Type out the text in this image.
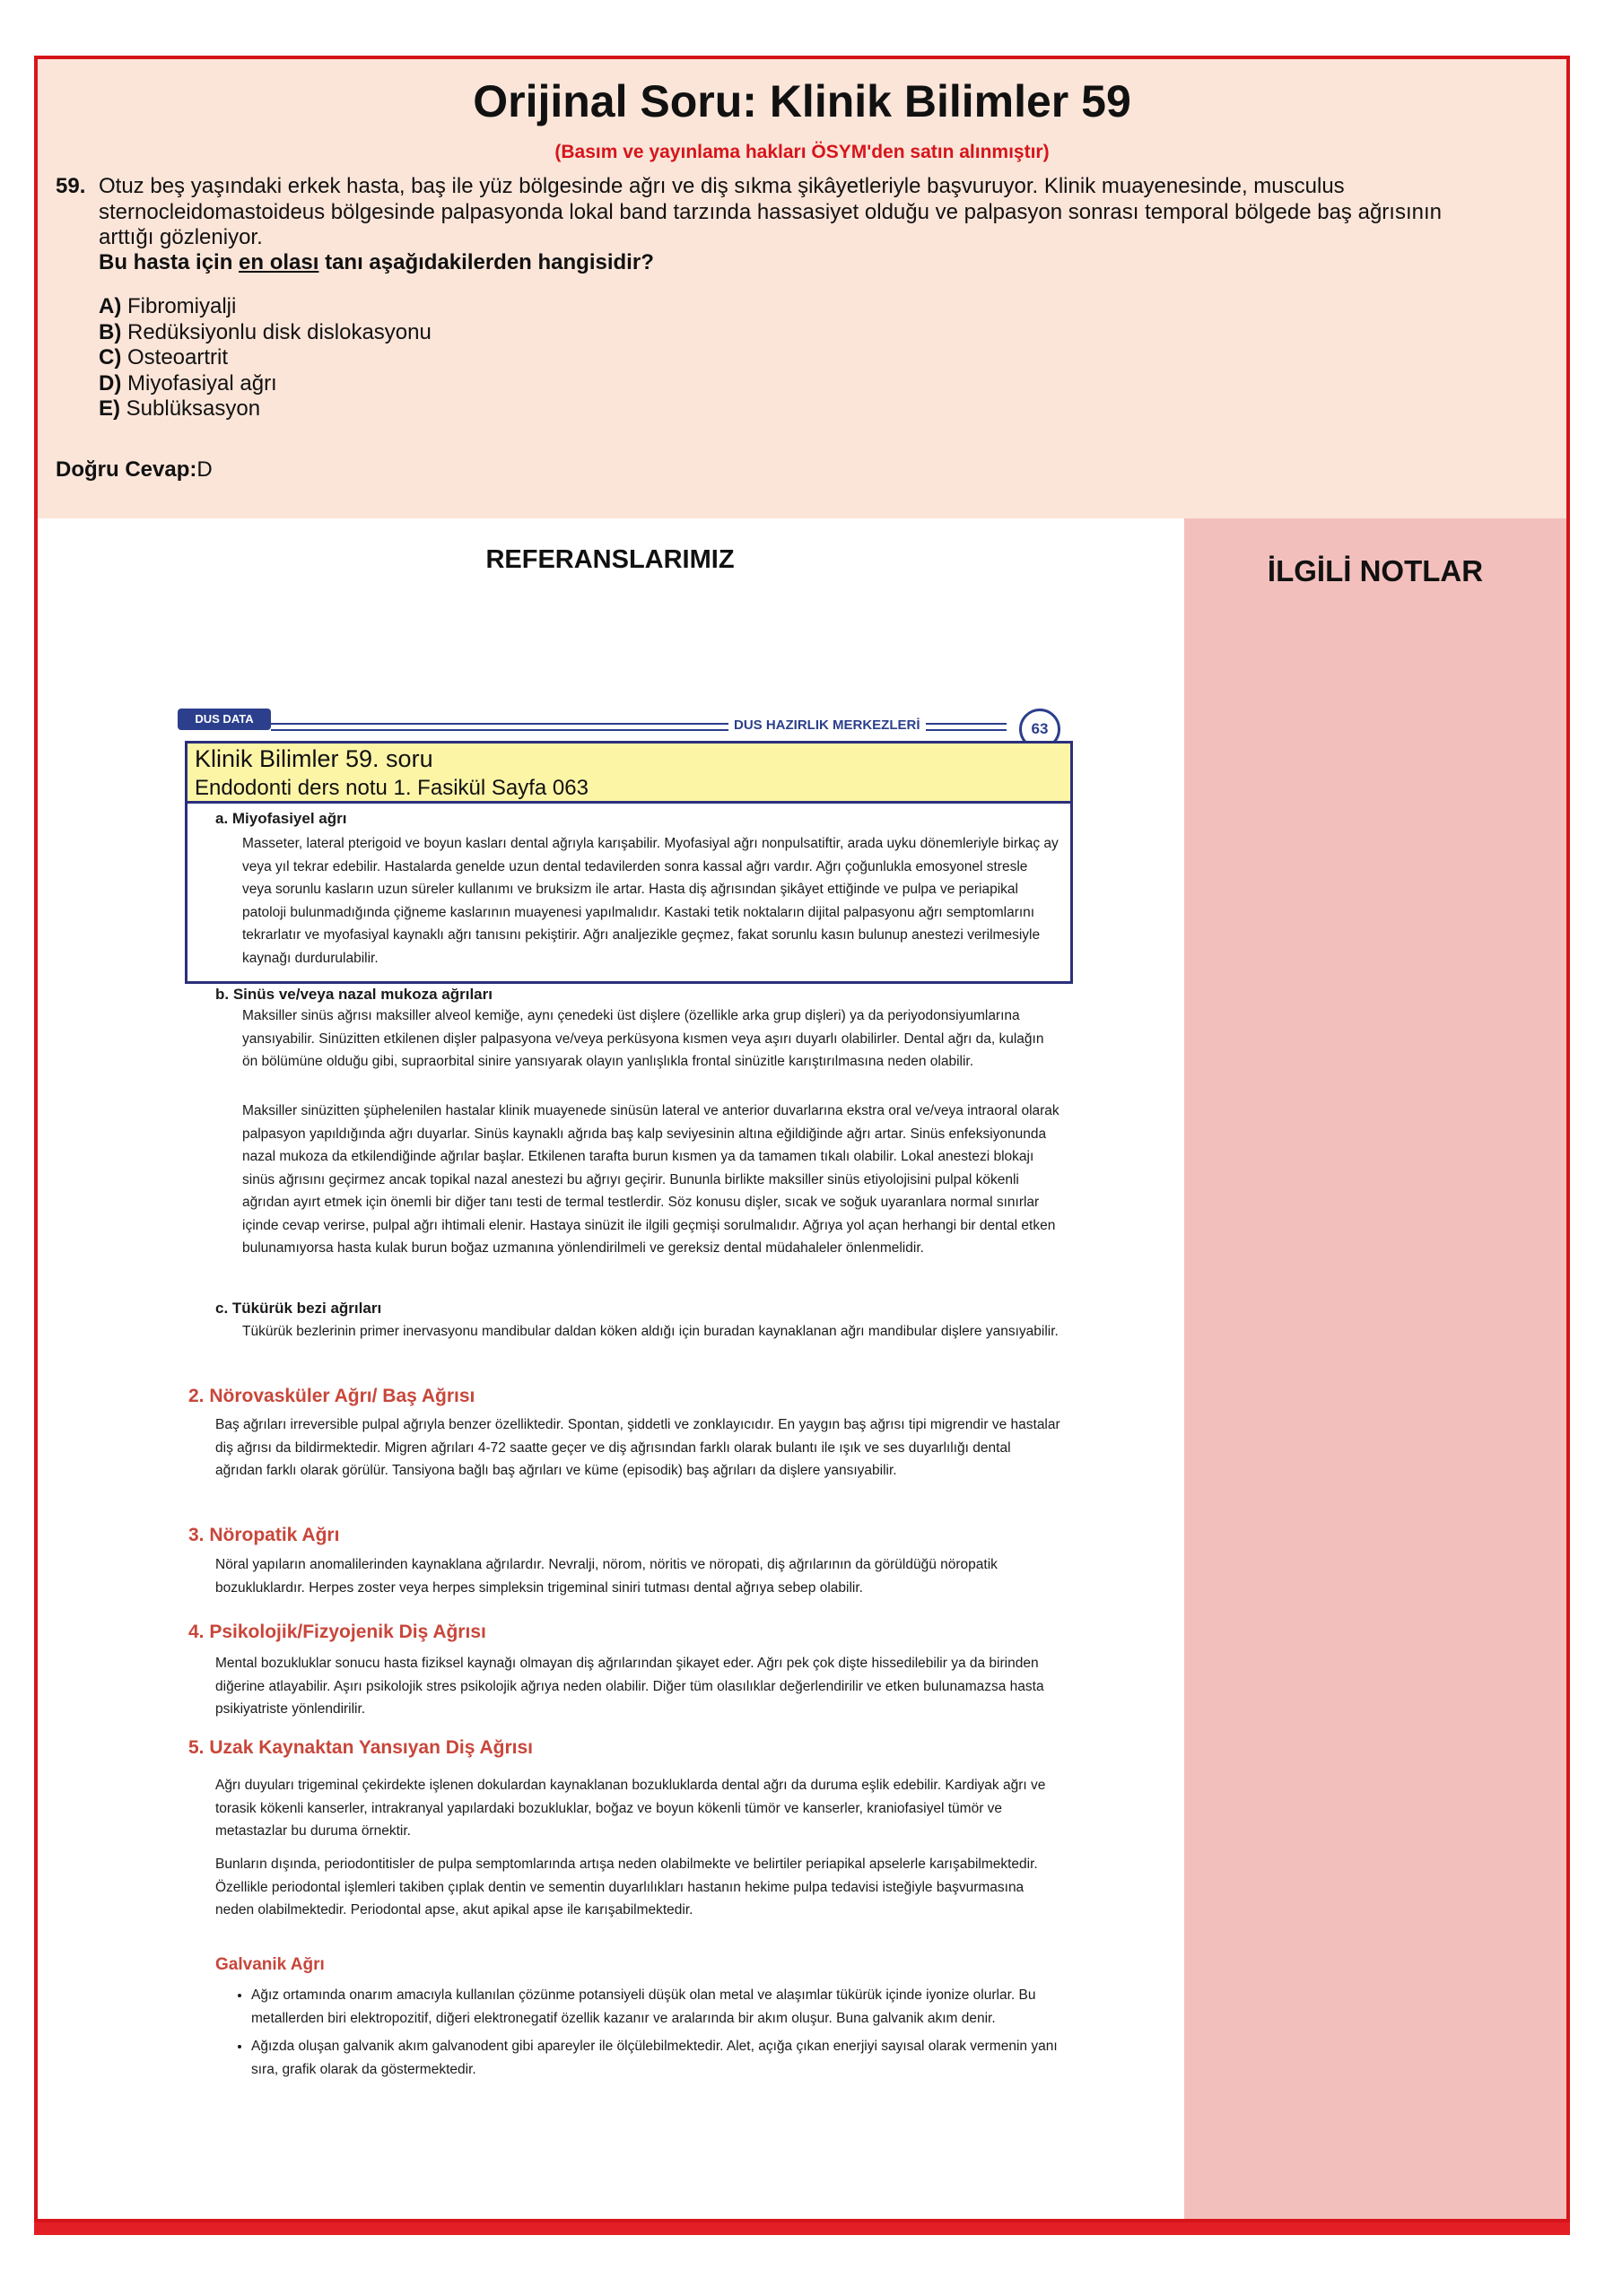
Orijinal Soru: Klinik Bilimler 59
(Basım ve yayınlama hakları ÖSYM'den satın alınmıştır)
59. Otuz beş yaşındaki erkek hasta, baş ile yüz bölgesinde ağrı ve diş sıkma şikâyetleriyle başvuruyor. Klinik muayenesinde, musculus sternocleidomastoideus bölgesinde palpasyonda lokal band tarzında hassasiyet olduğu ve palpasyon sonrası temporal bölgede baş ağrısının arttığı gözleniyor.
Bu hasta için en olası tanı aşağıdakilerden hangisidir?
A) Fibromiyalji
B) Redüksiyonlu disk dislokasyonu
C) Osteoartrit
D) Miyofasiyal ağrı
E) Sublüksasyon
Doğru Cevap:D
İLGİLİ NOTLAR
REFERANSLARIMIZ
DUS DATA	DUS HAZIRLIK MERKEZLERİ	63
Klinik Bilimler 59. soru
Endodonti ders notu 1. Fasikül Sayfa 063
a. Miyofasiyel ağrı
Masseter, lateral pterigoid ve boyun kasları dental ağrıyla karışabilir. Myofasiyal ağrı nonpulsatiftir, arada uyku dönemleriyle birkaç ay veya yıl tekrar edebilir. Hastalarda genelde uzun dental tedavilerden sonra kassal ağrı vardır. Ağrı çoğunlukla emosyonel stresle veya sorunlu kasların uzun süreler kullanımı ve bruksizm ile artar. Hasta diş ağrısından şikâyet ettiğinde ve pulpa ve periapikal patoloji bulunmadığında çiğneme kaslarının muayenesi yapılmalıdır. Kastaki tetik noktaların dijital palpasyonu ağrı semptomlarını tekrarlatır ve myofasiyal kaynaklı ağrı tanısını pekiştirir. Ağrı analjezikle geçmez, fakat sorunlu kasın bulunup anestezi verilmesiyle kaynağı durdurulabilir.
b. Sinüs ve/veya nazal mukoza ağrıları
Maksiller sinüs ağrısı maksiller alveol kemiğe, aynı çenedeki üst dişlere (özellikle arka grup dişleri) ya da periyodonsiyumlarına yansıyabilir. Sinüzitten etkilenen dişler palpasyona ve/veya perküsyona kısmen veya aşırı duyarlı olabilirler. Dental ağrı da, kulağın ön bölümüne olduğu gibi, supraorbital sinire yansıyarak olayın yanlışlıkla frontal sinüzitle karıştırılmasına neden olabilir.
Maksiller sinüzitten şüphelenilen hastalar klinik muayenede sinüsün lateral ve anterior duvarlarına ekstra oral ve/veya intraoral olarak palpasyon yapıldığında ağrı duyarlar. Sinüs kaynaklı ağrıda baş kalp seviyesinin altına eğildiğinde ağrı artar. Sinüs enfeksiyonunda nazal mukoza da etkilendiğinde ağrılar başlar. Etkilenen tarafta burun kısmen ya da tamamen tıkalı olabilir. Lokal anestezi blokajı sinüs ağrısını geçirmez ancak topikal nazal anestezi bu ağrıyı geçirir. Bununla birlikte maksiller sinüs etiyolojisini pulpal kökenli ağrıdan ayırt etmek için önemli bir diğer tanı testi de termal testlerdir. Söz konusu dişler, sıcak ve soğuk uyaranlara normal sınırlar içinde cevap verirse, pulpal ağrı ihtimali elenir. Hastaya sinüzit ile ilgili geçmişi sorulmalıdır. Ağrıya yol açan herhangi bir dental etken bulunamıyorsa hasta kulak burun boğaz uzmanına yönlendirilmeli ve gereksiz dental müdahaleler önlenmelidir.
c. Tükürük bezi ağrıları
Tükürük bezlerinin primer inervasyonu mandibular daldan köken aldığı için buradan kaynaklanan ağrı mandibular dişlere yansıyabilir.
2. Nörovasküler Ağrı/ Baş Ağrısı
Baş ağrıları irreversible pulpal ağrıyla benzer özelliktedir. Spontan, şiddetli ve zonklayıcıdır. En yaygın baş ağrısı tipi migrendir ve hastalar diş ağrısı da bildirmektedir. Migren ağrıları 4-72 saatte geçer ve diş ağrısından farklı olarak bulantı ile ışık ve ses duyarlılığı dental ağrıdan farklı olarak görülür. Tansiyona bağlı baş ağrıları ve küme (episodik) baş ağrıları da dişlere yansıyabilir.
3. Nöropatik Ağrı
Nöral yapıların anomalilerinden kaynaklana ağrılardır. Nevralji, nörom, nöritis ve nöropati, diş ağrılarının da görüldüğü nöropatik bozukluklardır. Herpes zoster veya herpes simpleksin trigeminal siniri tutması dental ağrıya sebep olabilir.
4. Psikolojik/Fizyojenik Diş Ağrısı
Mental bozukluklar sonucu hasta fiziksel kaynağı olmayan diş ağrılarından şikayet eder. Ağrı pek çok dişte hissedilebilir ya da birinden diğerine atlayabilir. Aşırı psikolojik stres psikolojik ağrıya neden olabilir. Diğer tüm olasılıklar değerlendirilir ve etken bulunamazsa hasta psikiyatriste yönlendirilir.
5. Uzak Kaynaktan Yansıyan Diş Ağrısı
Ağrı duyuları trigeminal çekirdekte işlenen dokulardan kaynaklanan bozukluklarda dental ağrı da duruma eşlik edebilir. Kardiyak ağrı ve torasik kökenli kanserler, intrakranyal yapılardaki bozukluklar, boğaz ve boyun kökenli tümör ve kanserler, kraniofasiyel tümör ve metastazlar bu duruma örnektir.
Bunların dışında, periodontitisler de pulpa semptomlarında artışa neden olabilmekte ve belirtiler periapikal apselerle karışabilmektedir. Özellikle periodontal işlemleri takiben çıplak dentin ve sementin duyarlılıkları hastanın hekime pulpa tedavisi isteğiyle başvurmasına neden olabilmektedir. Periodontal apse, akut apikal apse ile karışabilmektedir.
Galvanik Ağrı
• Ağız ortamında onarım amacıyla kullanılan çözünme potansiyeli düşük olan metal ve alaşımlar tükürük içinde iyonize olurlar. Bu metallerden biri elektropozitif, diğeri elektronegatif özellik kazanır ve aralarında bir akım oluşur. Buna galvanik akım denir.
• Ağızda oluşan galvanik akım galvanodent gibi apareyler ile ölçülebilmektedir. Alet, açığa çıkan enerjiyi sayısal olarak vermenin yanı sıra, grafik olarak da göstermektedir.
